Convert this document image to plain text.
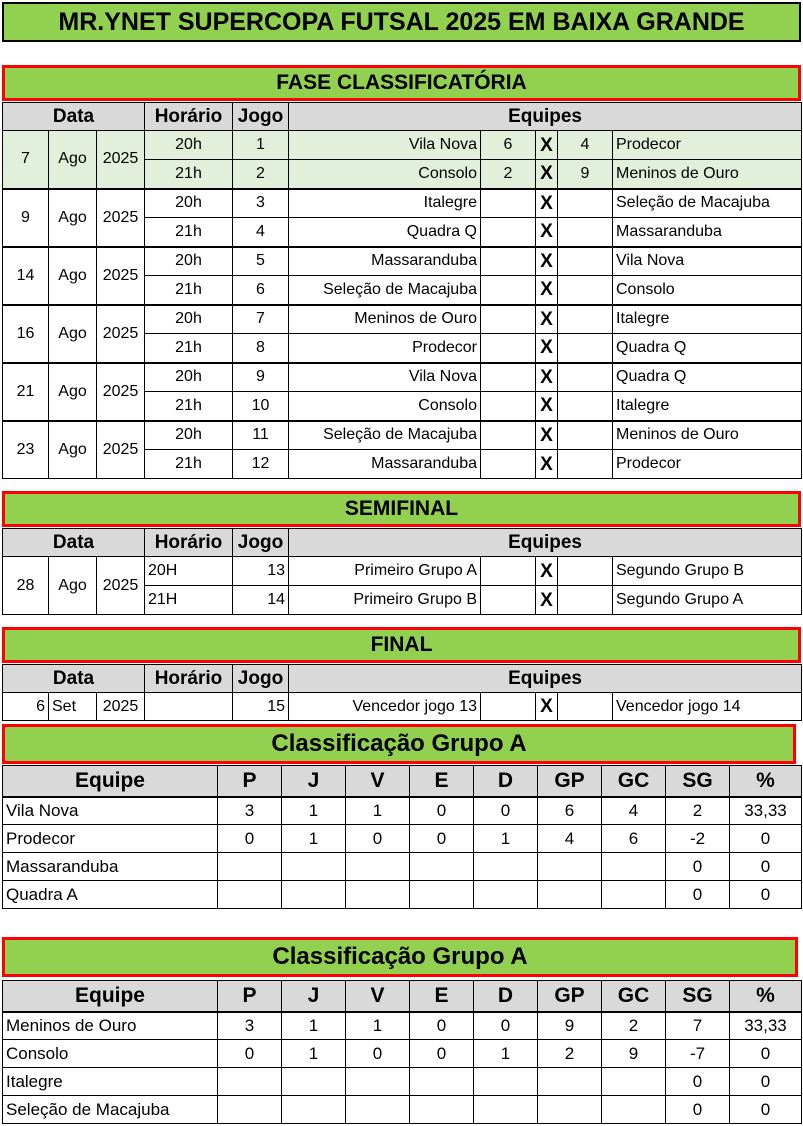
MR.YNET SUPERCOPA FUTSAL 2025 EM BAIXA GRANDE
FASE CLASSIFICATÓRIA
Data			Horário	Jogo	Equipes				
7	Ago	2025	20h	1	Vila Nova	6	X	4	Prodecor
			21h	2	Consolo	2	X	9	Meninos de Ouro
9	Ago	2025	20h	3	Italegre		X		Seleção de Macajuba
			21h	4	Quadra Q		X		Massaranduba
14	Ago	2025	20h	5	Massaranduba		X		Vila Nova
			21h	6	Seleção de Macajuba		X		Consolo
16	Ago	2025	20h	7	Meninos de Ouro		X		Italegre
			21h	8	Prodecor		X		Quadra Q
21	Ago	2025	20h	9	Vila Nova		X		Quadra Q
			21h	10	Consolo		X		Italegre
23	Ago	2025	20h	11	Seleção de Macajuba		X		Meninos de Ouro
			21h	12	Massaranduba		X		Prodecor
SEMIFINAL
Data			Horário	Jogo	Equipes				
28	Ago	2025	20H	13	Primeiro Grupo A		X		Segundo Grupo B
			21H	14	Primeiro Grupo B		X		Segundo Grupo A
FINAL
Data			Horário	Jogo	Equipes				
6	Set	2025		15	Vencedor jogo 13		X		Vencedor jogo 14
Classificação Grupo A
Equipe	P	J	V	E	D	GP	GC	SG	%
Vila Nova	3	1	1	0	0	6	4	2	33,33
Prodecor	0	1	0	0	1	4	6	-2	0
Massaranduba								0	0
Quadra A								0	0
Classificação Grupo A
Equipe	P	J	V	E	D	GP	GC	SG	%
Meninos de Ouro	3	1	1	0	0	9	2	7	33,33
Consolo	0	1	0	0	1	2	9	-7	0
Italegre								0	0
Seleção de Macajuba								0	0
